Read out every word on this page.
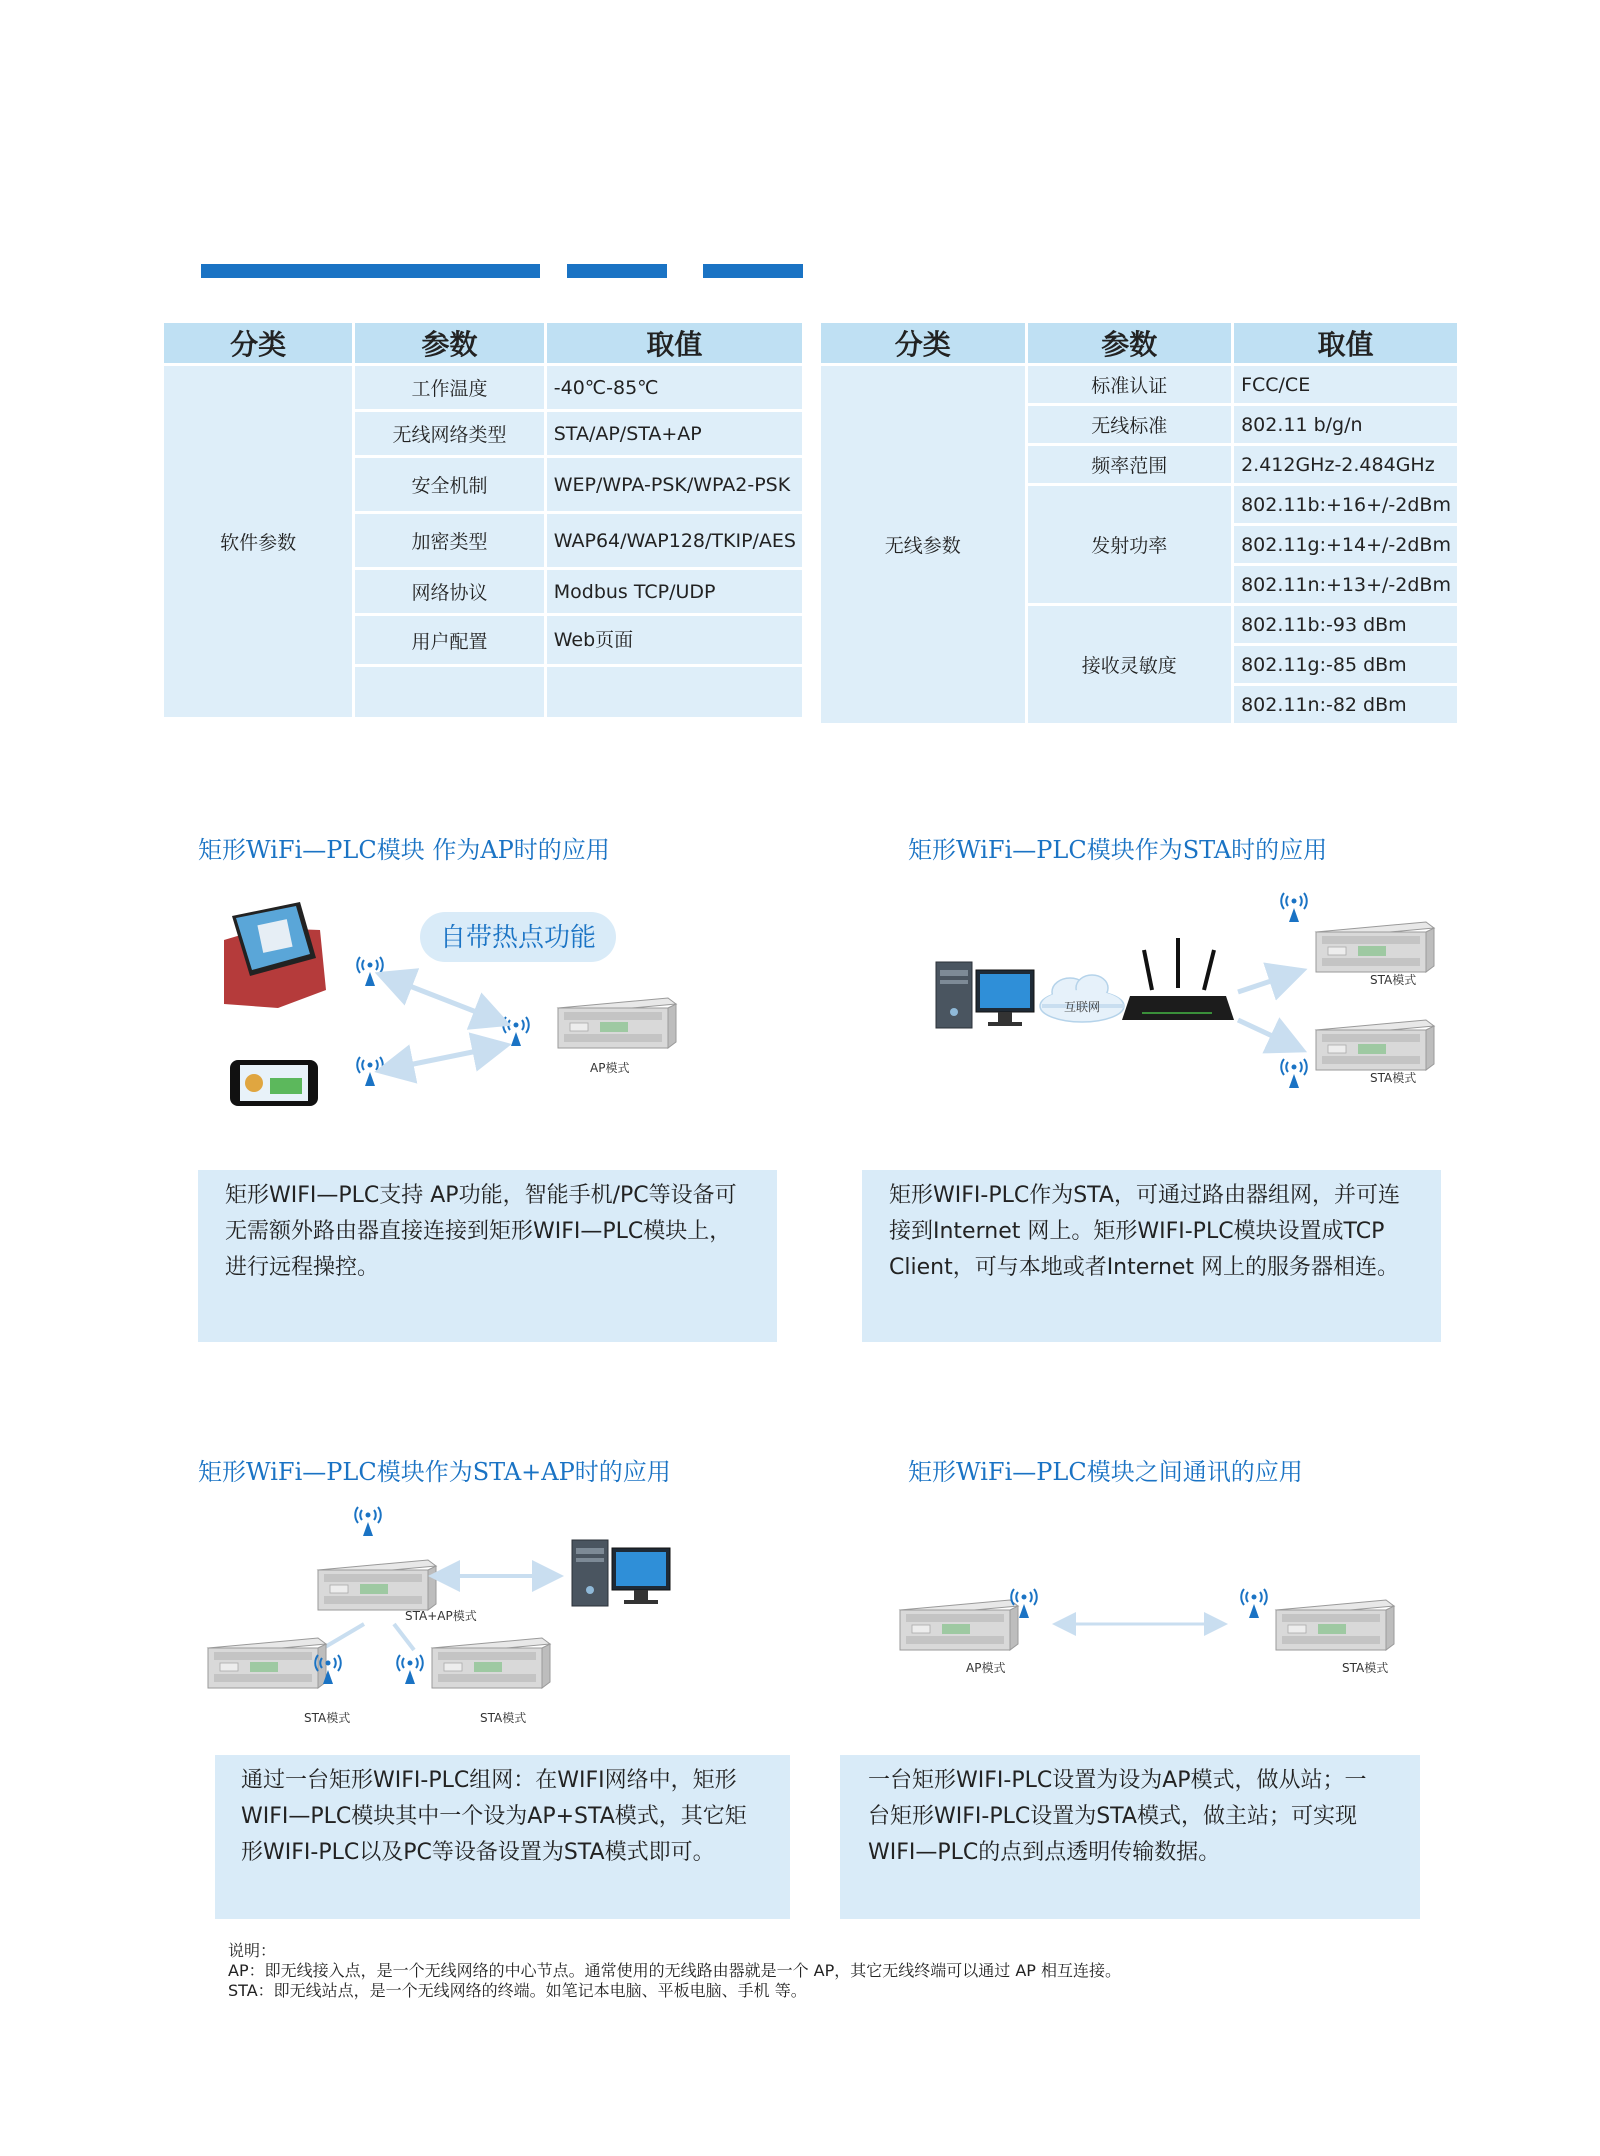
分类	参数	取值
软件参数	工作温度	-40℃-85℃
	无线网络类型	STA/AP/STA+AP
	安全机制	WEP/WPA-PSK/WPA2-PSK
	加密类型	WAP64/WAP128/TKIP/AES
	网络协议	Modbus TCP/UDP
	用户配置	Web页面

分类	参数	取值
无线参数	标准认证	FCC/CE
	无线标准	802.11 b/g/n
	频率范围	2.412GHz-2.484GHz
	发射功率	802.11b:+16+/-2dBm
		802.11g:+14+/-2dBm
		802.11n:+13+/-2dBm
	接收灵敏度	802.11b:-93 dBm
		802.11g:-85 dBm
		802.11n:-82 dBm
矩形WiFi—PLC模块 作为AP时的应用
自带热点功能
AP模式
矩形WIFI—PLC支持 AP功能，智能手机/PC等设备可
无需额外路由器直接连接到矩形WIFI—PLC模块上，
进行远程操控。
矩形WiFi—PLC模块作为STA时的应用
互联网
STA模式
STA模式
矩形WIFI-PLC作为STA，可通过路由器组网，并可连
接到Internet 网上。矩形WIFI-PLC模块设置成TCP
Client，可与本地或者Internet 网上的服务器相连。
矩形WiFi—PLC模块作为STA+AP时的应用
STA+AP模式
STA模式	STA模式
通过一台矩形WIFI-PLC组网：在WIFI网络中，矩形
WIFI—PLC模块其中一个设为AP+STA模式，其它矩
形WIFI-PLC以及PC等设备设置为STA模式即可。
矩形WiFi—PLC模块之间通讯的应用
AP模式	STA模式
一台矩形WIFI-PLC设置为设为AP模式，做从站；一
台矩形WIFI-PLC设置为STA模式，做主站；可实现
WIFI—PLC的点到点透明传输数据。
说明：
AP：即无线接入点，是一个无线网络的中心节点。通常使用的无线路由器就是一个 AP，其它无线终端可以通过 AP 相互连接。
STA：即无线站点，是一个无线网络的终端。如笔记本电脑、平板电脑、手机 等。
